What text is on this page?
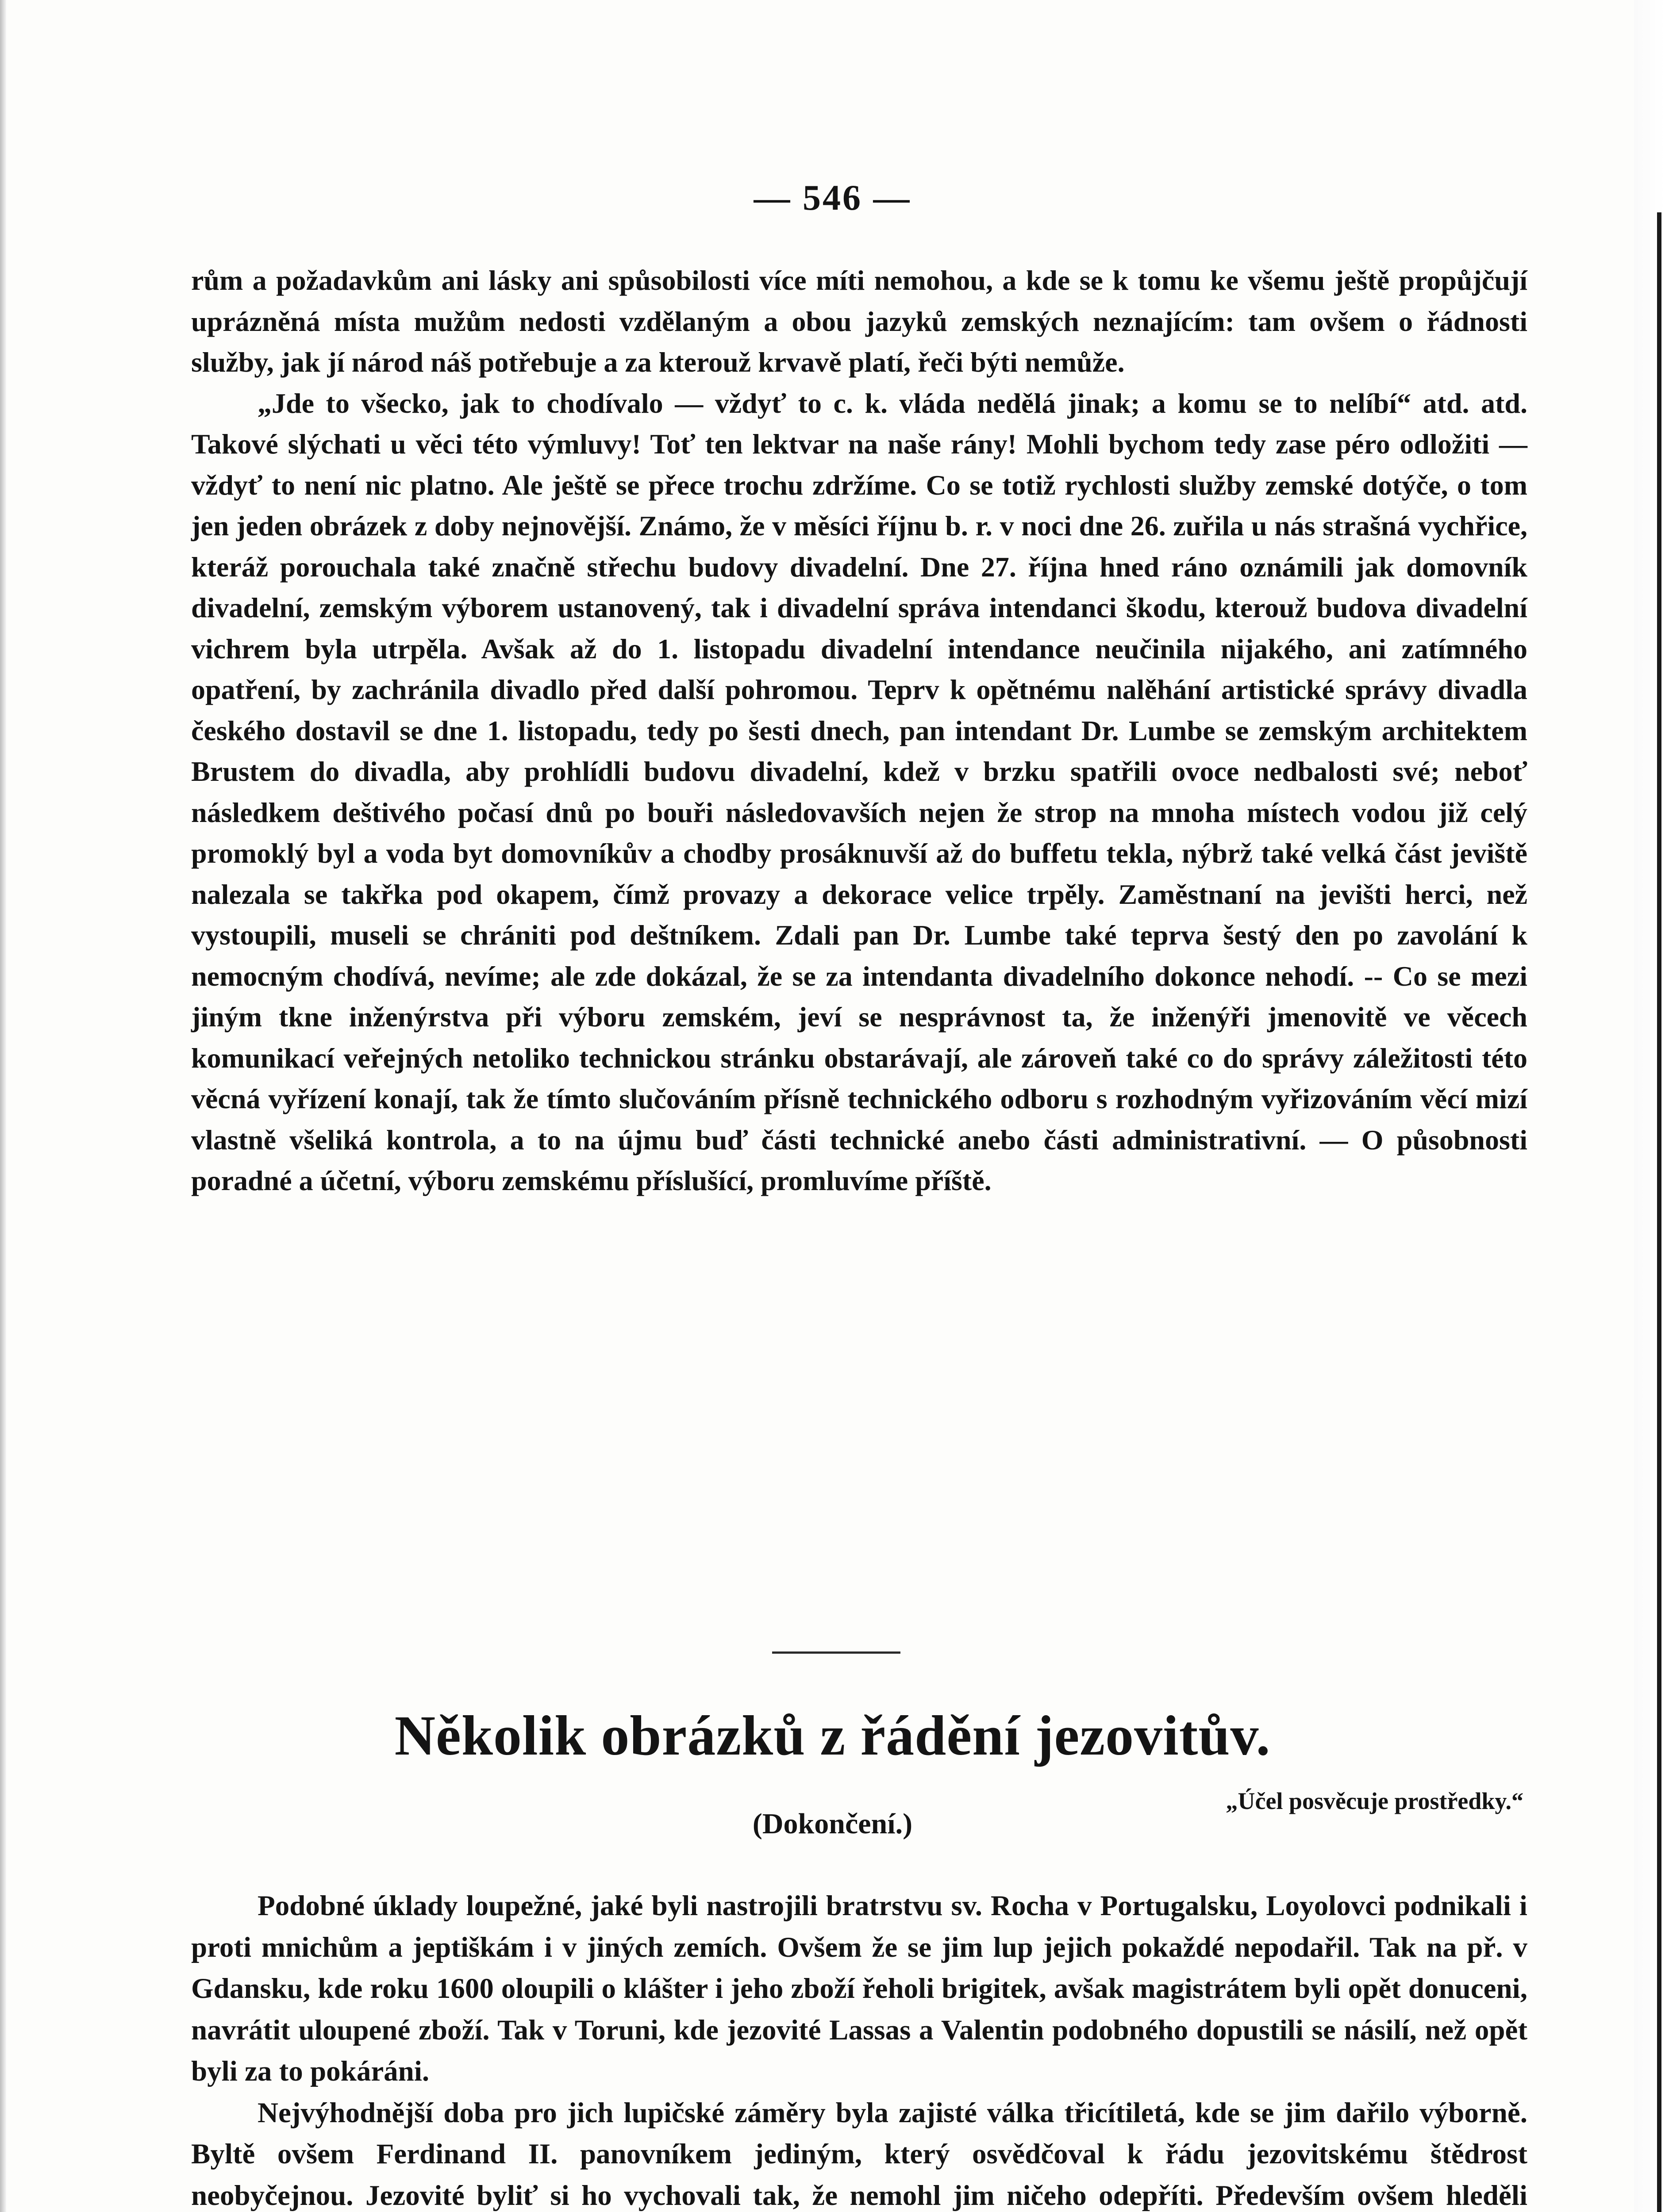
— 546 —

rům a požadavkům ani lásky ani spůsobilosti více míti nemohou, a kde se k tomu ke všemu ještě propůjčují uprázněná místa mužům nedosti vzdělaným a obou jazyků zemských neznajícím: tam ovšem o řádnosti služby, jak jí národ náš potřebuje a za kterouž krvavě platí, řeči býti nemůže.

„Jde to všecko, jak to chodívalo — vždyť to c. k. vláda nedělá jinak; a komu se to nelíbí“ atd. atd. Takové slýchati u věci této výmluvy! Toť ten lektvar na naše rány! Mohli bychom tedy zase péro odložiti — vždyť to není nic platno. Ale ještě se přece trochu zdržíme. Co se totiž rychlosti služby zemské dotýče, o tom jen jeden obrázek z doby nejnovější. Známo, že v měsíci říjnu b. r. v noci dne 26. zuřila u nás strašná vychřice, kteráž porouchala také značně střechu budovy divadelní. Dne 27. října hned ráno oznámili jak domovník divadelní, zemským výborem ustanovený, tak i divadelní správa intendanci škodu, kterouž budova divadelní vichrem byla utrpěla. Avšak až do 1. listopadu divadelní intendance neučinila nijakého, ani zatímného opatření, by zachránila divadlo před další pohromou. Teprv k opětnému nalěhání artistické správy divadla českého dostavil se dne 1. listopadu, tedy po šesti dnech, pan intendant Dr. Lumbe se zemským architektem Brustem do divadla, aby prohlídli budovu divadelní, kdež v brzku spatřili ovoce nedbalosti své; neboť následkem deštivého počasí dnů po bouři následovavších nejen že strop na mnoha místech vodou již celý promoklý byl a voda byt domovníkův a chodby prosáknuvší až do buffetu tekla, nýbrž také velká část jeviště nalezala se takřka pod okapem, čímž provazy a dekorace velice trpěly. Zaměstnaní na jevišti herci, než vystoupili, museli se chrániti pod deštníkem. Zdali pan Dr. Lumbe také teprva šestý den po zavolání k nemocným chodívá, nevíme; ale zde dokázal, že se za intendanta divadelního dokonce nehodí. -- Co se mezi jiným tkne inženýrstva při výboru zemském, jeví se nesprávnost ta, že inženýři jmenovitě ve věcech komunikací veřejných netoliko technickou stránku obstarávají, ale zároveň také co do správy záležitosti této věcná vyřízení konají, tak že tímto slučováním přísně technického odboru s rozhodným vyřizováním věcí mizí vlastně všeliká kontrola, a to na újmu buď části technické anebo části administrativní. — O působnosti poradné a účetní, výboru zemskému příslušící, promluvíme příště.

Několik obrázků z řádění jezovitův.
„Účel posvěcuje prostředky.“
(Dokončení.)

Podobné úklady loupežné, jaké byli nastrojili bratrstvu sv. Rocha v Portugalsku, Loyolovci podnikali i proti mnichům a jeptiškám i v jiných zemích. Ovšem že se jim lup jejich pokaždé nepodařil. Tak na př. v Gdansku, kde roku 1600 oloupili o klášter i jeho zboží řeholi brigitek, avšak magistrátem byli opět donuceni, navrátit uloupené zboží. Tak v Toruni, kde jezovité Lassas a Valentin podobného dopustili se násilí, než opět byli za to pokáráni.

Nejvýhodnější doba pro jich lupičské záměry byla zajisté válka třicítiletá, kde se jim dařilo výborně. Byltě ovšem Ferdinand II. panovníkem jediným, který osvědčoval k řádu jezovitskému štědrost neobyčejnou. Jezovité byliť si ho vychovali tak, že nemohl jim ničeho odepříti. Především ovšem hleděli
